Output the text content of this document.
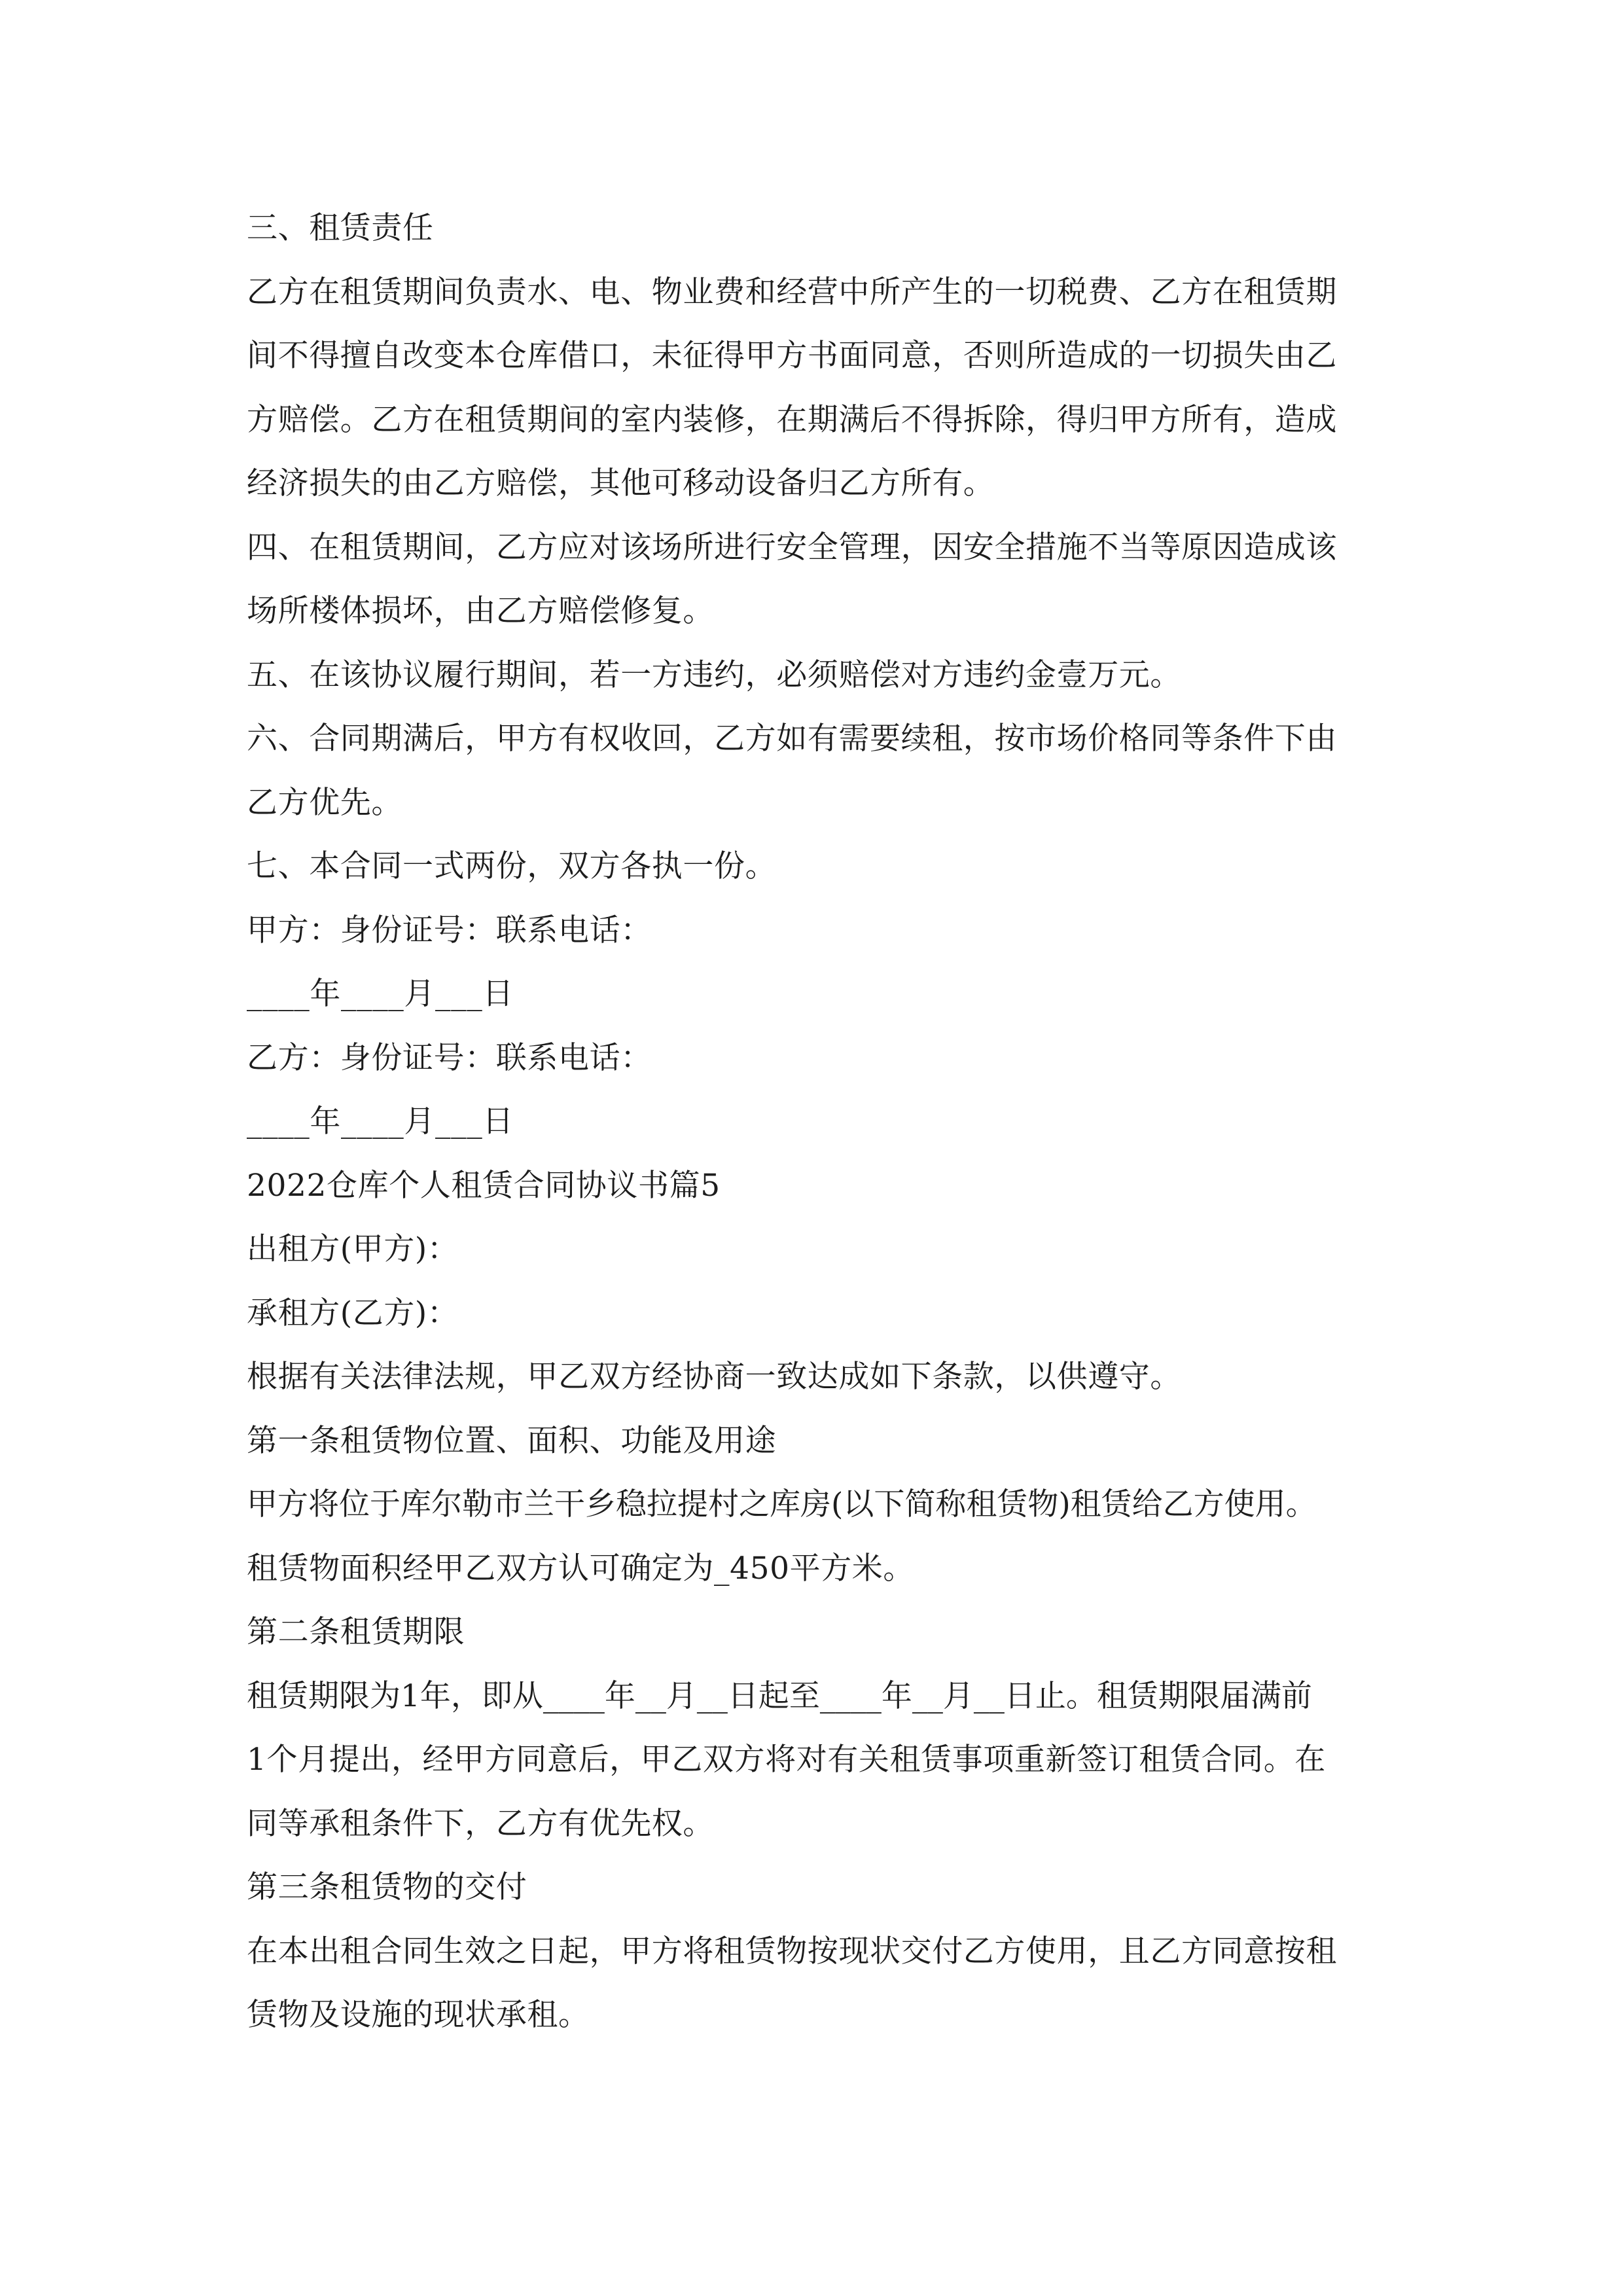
三、租赁责任
乙方在租赁期间负责水、电、物业费和经营中所产生的一切税费、乙方在租赁期
间不得擅自改变本仓库借口，未征得甲方书面同意，否则所造成的一切损失由乙
方赔偿。乙方在租赁期间的室内装修，在期满后不得拆除，得归甲方所有，造成
经济损失的由乙方赔偿，其他可移动设备归乙方所有。
四、在租赁期间，乙方应对该场所进行安全管理，因安全措施不当等原因造成该
场所楼体损坏，由乙方赔偿修复。
五、在该协议履行期间，若一方违约，必须赔偿对方违约金壹万元。
六、合同期满后，甲方有权收回，乙方如有需要续租，按市场价格同等条件下由
乙方优先。
七、本合同一式两份，双方各执一份。
甲方：身份证号：联系电话：
____年____月___日
乙方：身份证号：联系电话：
____年____月___日
2022仓库个人租赁合同协议书篇5
出租方(甲方)：
承租方(乙方)：
根据有关法律法规，甲乙双方经协商一致达成如下条款，以供遵守。
第一条租赁物位置、面积、功能及用途
甲方将位于库尔勒市兰干乡稳拉提村之库房(以下简称租赁物)租赁给乙方使用。
租赁物面积经甲乙双方认可确定为_450平方米。
第二条租赁期限
租赁期限为1年，即从____年__月__日起至____年__月__日止。租赁期限届满前
1个月提出，经甲方同意后，甲乙双方将对有关租赁事项重新签订租赁合同。在
同等承租条件下，乙方有优先权。
第三条租赁物的交付
在本出租合同生效之日起，甲方将租赁物按现状交付乙方使用，且乙方同意按租
赁物及设施的现状承租。
